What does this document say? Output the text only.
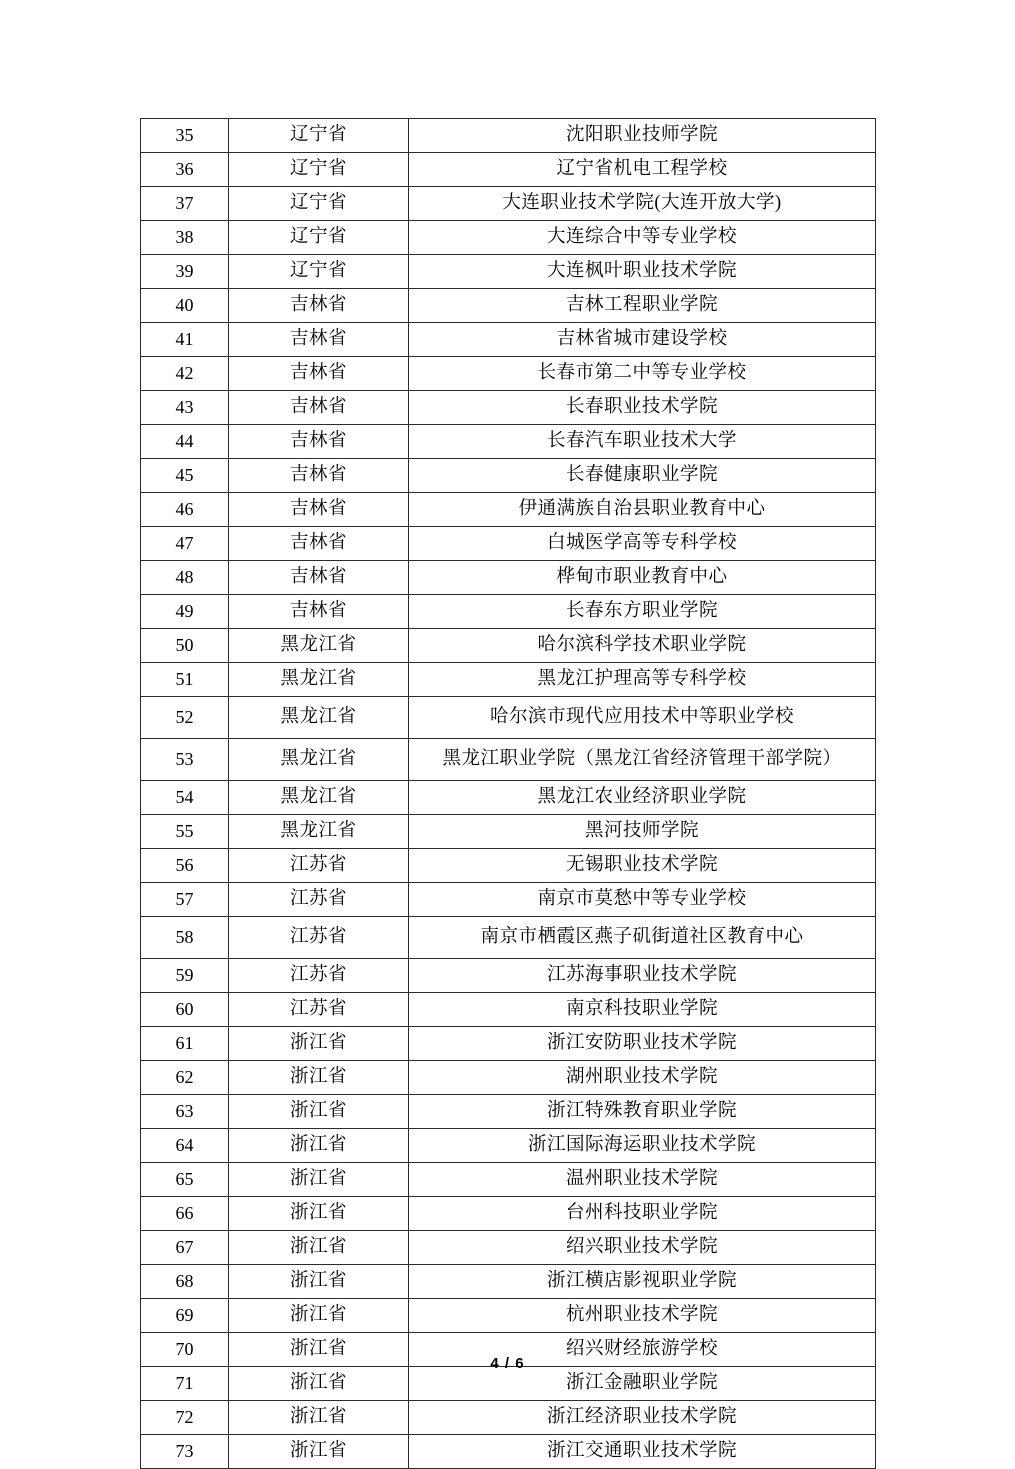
35	辽宁省	沈阳职业技师学院
36	辽宁省	辽宁省机电工程学校
37	辽宁省	大连职业技术学院(大连开放大学)
38	辽宁省	大连综合中等专业学校
39	辽宁省	大连枫叶职业技术学院
40	吉林省	吉林工程职业学院
41	吉林省	吉林省城市建设学校
42	吉林省	长春市第二中等专业学校
43	吉林省	长春职业技术学院
44	吉林省	长春汽车职业技术大学
45	吉林省	长春健康职业学院
46	吉林省	伊通满族自治县职业教育中心
47	吉林省	白城医学高等专科学校
48	吉林省	桦甸市职业教育中心
49	吉林省	长春东方职业学院
50	黑龙江省	哈尔滨科学技术职业学院
51	黑龙江省	黑龙江护理高等专科学校
52	黑龙江省	哈尔滨市现代应用技术中等职业学校
53	黑龙江省	黑龙江职业学院（黑龙江省经济管理干部学院）
54	黑龙江省	黑龙江农业经济职业学院
55	黑龙江省	黑河技师学院
56	江苏省	无锡职业技术学院
57	江苏省	南京市莫愁中等专业学校
58	江苏省	南京市栖霞区燕子矶街道社区教育中心
59	江苏省	江苏海事职业技术学院
60	江苏省	南京科技职业学院
61	浙江省	浙江安防职业技术学院
62	浙江省	湖州职业技术学院
63	浙江省	浙江特殊教育职业学院
64	浙江省	浙江国际海运职业技术学院
65	浙江省	温州职业技术学院
66	浙江省	台州科技职业学院
67	浙江省	绍兴职业技术学院
68	浙江省	浙江横店影视职业学院
69	浙江省	杭州职业技术学院
70	浙江省	绍兴财经旅游学校
71	浙江省	浙江金融职业学院
72	浙江省	浙江经济职业技术学院
73	浙江省	浙江交通职业技术学院
4 / 6
